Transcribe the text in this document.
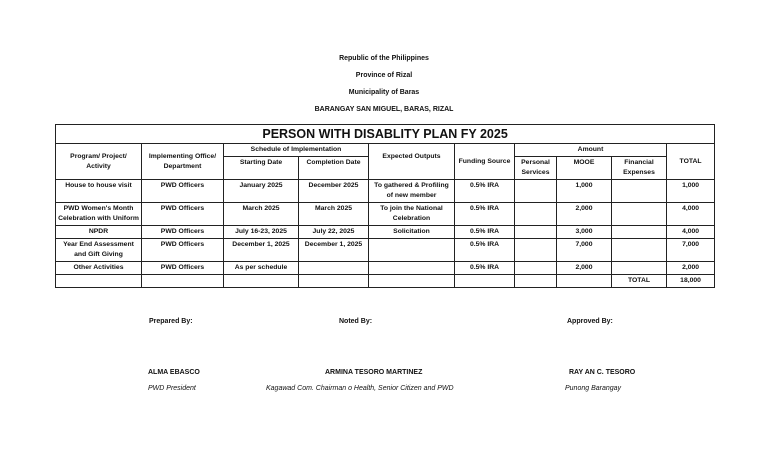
Republic of the Philippines
Province of Rizal
Municipality of Baras
BARANGAY SAN MIGUEL, BARAS, RIZAL
PERSON WITH DISABLITY PLAN FY 2025									
Program/ Project/ Activity	Implementing Office/ Department	Schedule of Implementation		Expected Outputs	Funding Source	Amount			TOTAL
		Starting Date	Completion Date			Personal Services	MOOE	Financial Expenses	
House to house visit	PWD Officers	January 2025	December 2025	To gathered & Profiling of new member	0.5% IRA		1,000		1,000
PWD Women's Month Celebration with Uniform	PWD Officers	March 2025	March 2025	To join the National Celebration	0.5% IRA		2,000		4,000
NPDR	PWD Officers	July 16-23, 2025	July 22, 2025	Solicitation	0.5% IRA		3,000		4,000
Year End Assessment and Gift Giving	PWD Officers	December 1, 2025	December 1, 2025		0.5% IRA		7,000		7,000
Other Activities	PWD Officers	As per schedule			0.5% IRA		2,000		2,000
								TOTAL	18,000
Prepared By:	Noted By:	Approved By:
ALMA EBASCO	ARMINA TESORO MARTINEZ	RAY AN C. TESORO
PWD President	Kagawad Com. Chairman o Health, Senior Citizen and PWD	Punong Barangay
